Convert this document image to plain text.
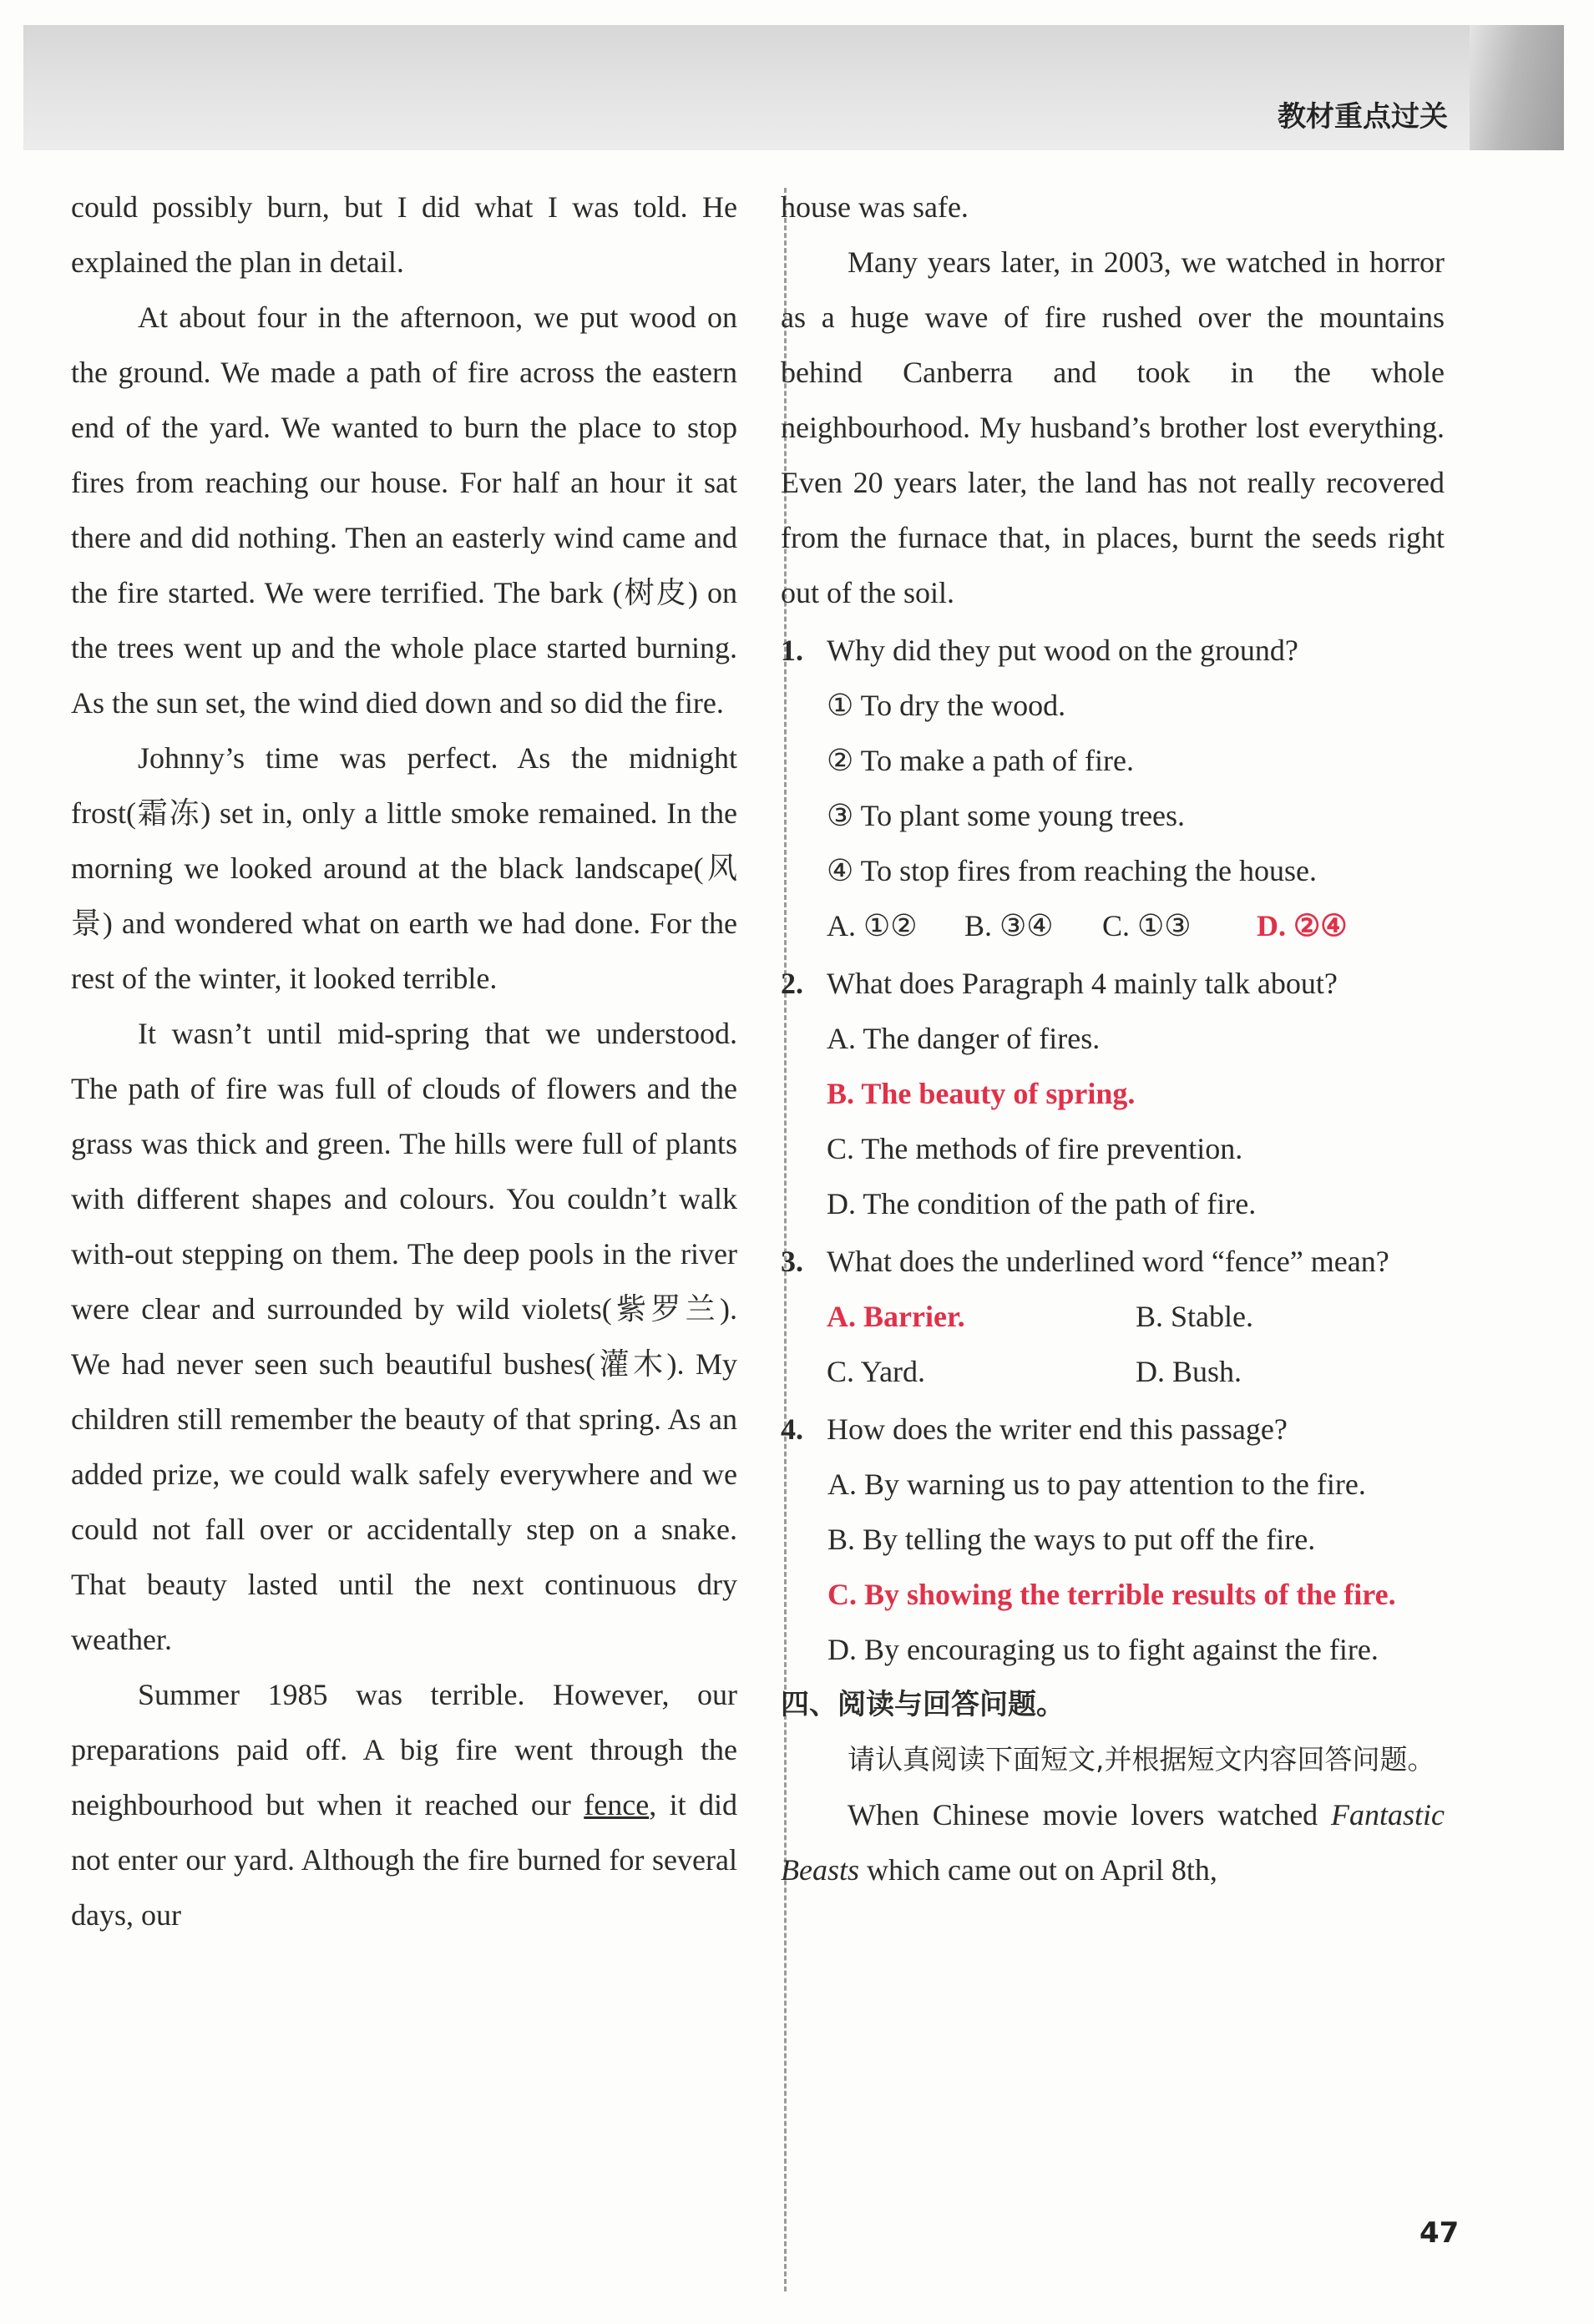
教材重点过关

could possibly burn, but I did what I was told. He explained the plan in detail.

At about four in the afternoon, we put wood on the ground. We made a path of fire across the eastern end of the yard. We wanted to burn the place to stop fires from reaching our house. For half an hour it sat there and did nothing. Then an easterly wind came and the fire started. We were terrified. The bark (树皮) on the trees went up and the whole place started burning. As the sun set, the wind died down and so did the fire.

Johnny’s time was perfect. As the midnight frost(霜冻) set in, only a little smoke remained. In the morning we looked around at the black landscape(风景) and wondered what on earth we had done. For the rest of the winter, it looked terrible.

It wasn’t until mid-spring that we understood. The path of fire was full of clouds of flowers and the grass was thick and green. The hills were full of plants with different shapes and colours. You couldn’t walk with-out stepping on them. The deep pools in the river were clear and surrounded by wild violets(紫罗兰). We had never seen such beautiful bushes(灌木). My children still remember the beauty of that spring. As an added prize, we could walk safely everywhere and we could not fall over or accidentally step on a snake. That beauty lasted until the next continuous dry weather.

Summer 1985 was terrible. However, our preparations paid off. A big fire went through the neighbourhood but when it reached our fence, it did not enter our yard. Although the fire burned for several days, our

house was safe.

Many years later, in 2003, we watched in horror as a huge wave of fire rushed over the mountains behind Canberra and took in the whole neighbourhood. My husband’s brother lost everything. Even 20 years later, the land has not really recovered from the furnace that, in places, burnt the seeds right out of the soil.

1. Why did they put wood on the ground?
① To dry the wood.
② To make a path of fire.
③ To plant some young trees.
④ To stop fires from reaching the house.
A. ①②	B. ③④	C. ①③	D. ②④
2. What does Paragraph 4 mainly talk about?
A. The danger of fires.
B. The beauty of spring.
C. The methods of fire prevention.
D. The condition of the path of fire.
3. What does the underlined word “fence” mean?
A. Barrier.	B. Stable.
C. Yard.	D. Bush.
4. How does the writer end this passage?
A. By warning us to pay attention to the fire.
B. By telling the ways to put off the fire.
C. By showing the terrible results of the fire.
D. By encouraging us to fight against the fire.
四、阅读与回答问题。

请认真阅读下面短文,并根据短文内容回答问题。

When Chinese movie lovers watched Fantastic Beasts which came out on April 8th,

47
